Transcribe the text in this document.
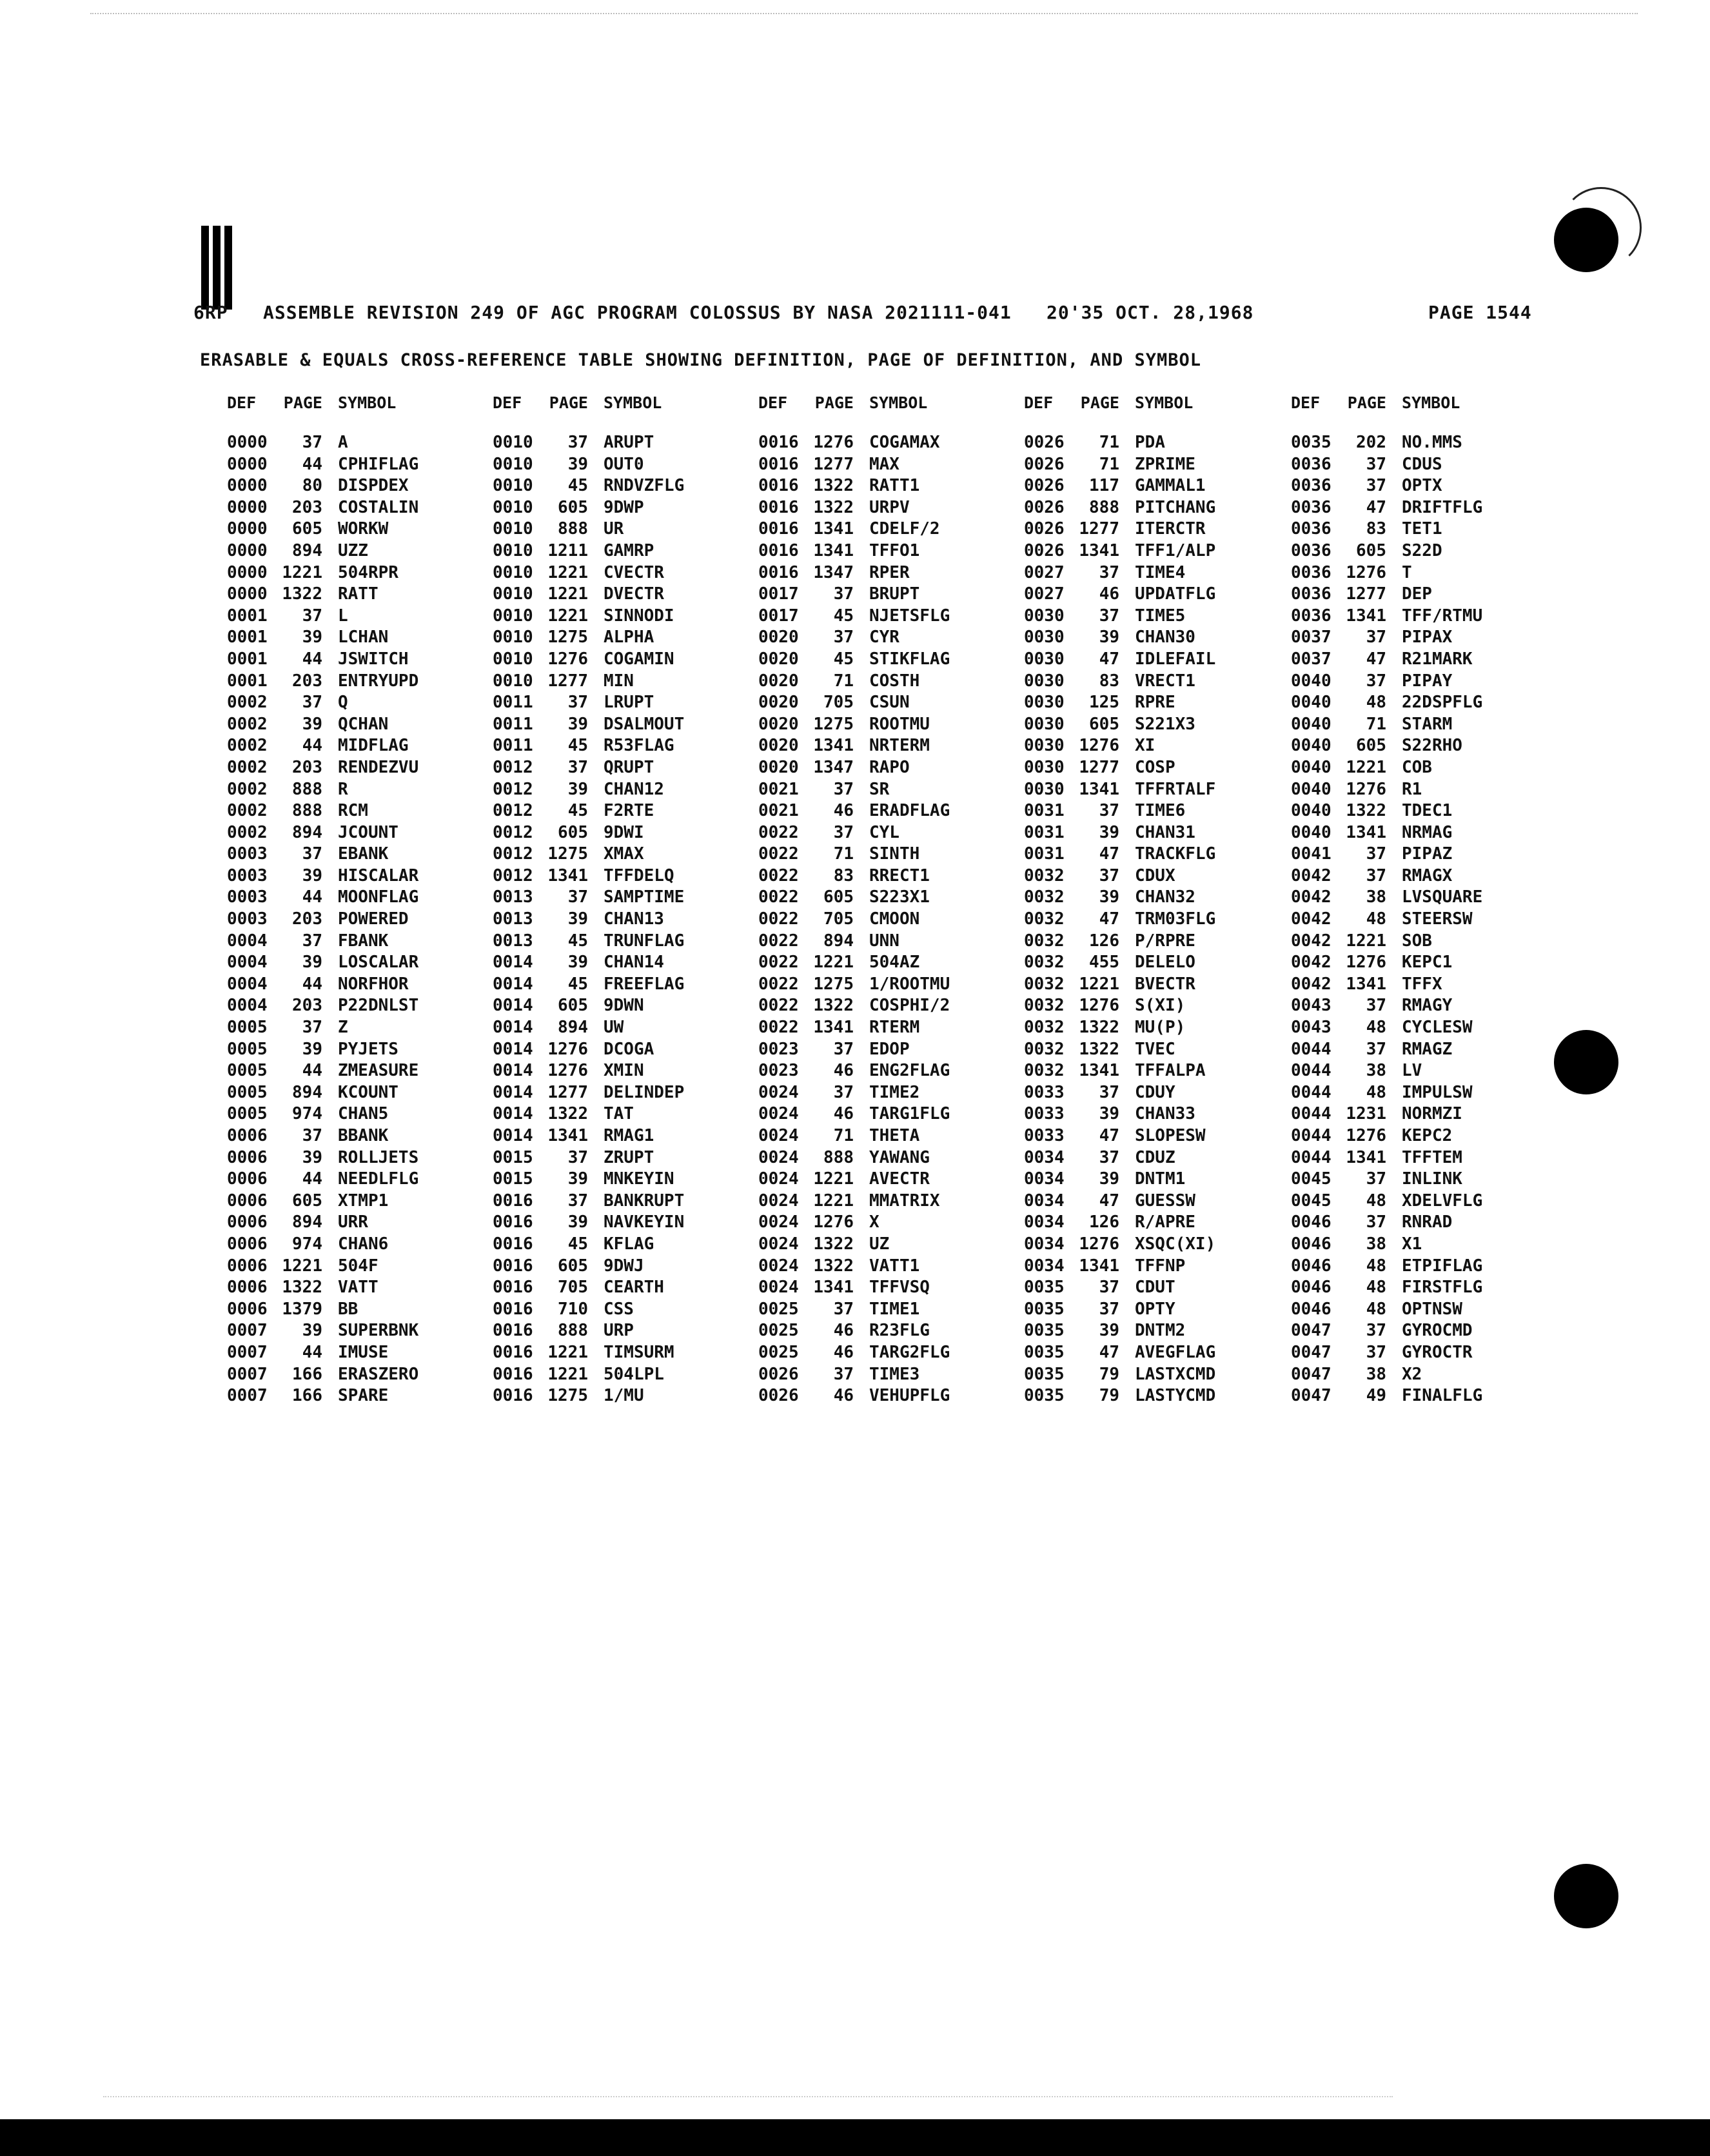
6RP ASSEMBLE REVISION 249 OF AGC PROGRAM COLOSSUS BY NASA 2021111-041 20'35 OCT. 28,1968	PAGE 1544
ERASABLE & EQUALS CROSS-REFERENCE TABLE SHOWING DEFINITION, PAGE OF DEFINITION, AND SYMBOL
DEF	PAGE SYMBOL
0000	37 A
0000	44 CPHIFLAG
0000	80 DISPDEX
0000	203 COSTALIN
0000	605 WORKW
0000	894 UZZ
0000 1221 504RPR
0000 1322 RATT
0001	37 L
0001	39 LCHAN
0001	44 JSWITCH
0001	203 ENTRYUPD
0002	37 Q
0002	39 QCHAN
0002	44 MIDFLAG
0002	203 RENDEZVU
0002	888 R
0002	888 RCM
0002	894 JCOUNT
0003	37 EBANK
0003	39 HISCALAR
0003	44 MOONFLAG
0003	203 POWERED
0004	37 FBANK
0004	39 LOSCALAR
0004	44 NORFHOR
0004	203 P22DNLST
0005	37 Z
0005	39 PYJETS
0005	44 ZMEASURE
0005	894 KCOUNT
0005	974 CHAN5
0006	37 BBANK
0006	39 ROLLJETS
0006	44 NEEDLFLG
0006	605 XTMP1
0006	894 URR
0006	974 CHAN6
0006 1221 504F
0006 1322 VATT
0006 1379 BB
0007	39 SUPERBNK
0007	44 IMUSE
0007	166 ERASZERO
0007	166 SPARE
DEF	PAGE SYMBOL
0010	37 ARUPT
0010	39 OUT0
0010	45 RNDVZFLG
0010	605 9DWP
0010	888 UR
0010 1211 GAMRP
0010 1221 CVECTR
0010 1221 DVECTR
0010 1221 SINNODI
0010 1275 ALPHA
0010 1276 COGAMIN
0010 1277 MIN
0011	37 LRUPT
0011	39 DSALMOUT
0011	45 R53FLAG
0012	37 QRUPT
0012	39 CHAN12
0012	45 F2RTE
0012	605 9DWI
0012 1275 XMAX
0012 1341 TFFDELQ
0013	37 SAMPTIME
0013	39 CHAN13
0013	45 TRUNFLAG
0014	39 CHAN14
0014	45 FREEFLAG
0014	605 9DWN
0014	894 UW
0014 1276 DCOGA
0014 1276 XMIN
0014 1277 DELINDEP
0014 1322 TAT
0014 1341 RMAG1
0015	37 ZRUPT
0015	39 MNKEYIN
0016	37 BANKRUPT
0016	39 NAVKEYIN
0016	45 KFLAG
0016	605 9DWJ
0016	705 CEARTH
0016	710 CSS
0016	888 URP
0016 1221 TIMSURM
0016 1221 504LPL
0016 1275 1/MU
DEF	PAGE SYMBOL
0016 1276 COGAMAX
0016 1277 MAX
0016 1322 RATT1
0016 1322 URPV
0016 1341 CDELF/2
0016 1341 TFFO1
0016 1347 RPER
0017	37 BRUPT
0017	45 NJETSFLG
0020	37 CYR
0020	45 STIKFLAG
0020	71 COSTH
0020	705 CSUN
0020 1275 ROOTMU
0020 1341 NRTERM
0020 1347 RAPO
0021	37 SR
0021	46 ERADFLAG
0022	37 CYL
0022	71 SINTH
0022	83 RRECT1
0022	605 S223X1
0022	705 CMOON
0022	894 UNN
0022 1221 504AZ
0022 1275 1/ROOTMU
0022 1322 COSPHI/2
0022 1341 RTERM
0023	37 EDOP
0023	46 ENG2FLAG
0024	37 TIME2
0024	46 TARG1FLG
0024	71 THETA
0024	888 YAWANG
0024 1221 AVECTR
0024 1221 MMATRIX
0024 1276 X
0024 1322 UZ
0024 1322 VATT1
0024 1341 TFFVSQ
0025	37 TIME1
0025	46 R23FLG
0025	46 TARG2FLG
0026	37 TIME3
0026	46 VEHUPFLG
DEF	PAGE SYMBOL
0026	71 PDA
0026	71 ZPRIME
0026	117 GAMMAL1
0026	888 PITCHANG
0026 1277 ITERCTR
0026 1341 TFF1/ALP
0027	37 TIME4
0027	46 UPDATFLG
0030	37 TIME5
0030	39 CHAN30
0030	47 IDLEFAIL
0030	83 VRECT1
0030	125 RPRE
0030	605 S221X3
0030 1276 XI
0030 1277 COSP
0030 1341 TFFRTALF
0031	37 TIME6
0031	39 CHAN31
0031	47 TRACKFLG
0032	37 CDUX
0032	39 CHAN32
0032	47 TRM03FLG
0032	126 P/RPRE
0032	455 DELELO
0032 1221 BVECTR
0032 1276 S(XI)
0032 1322 MU(P)
0032 1322 TVEC
0032 1341 TFFALPA
0033	37 CDUY
0033	39 CHAN33
0033	47 SLOPESW
0034	37 CDUZ
0034	39 DNTM1
0034	47 GUESSW
0034	126 R/APRE
0034 1276 XSQC(XI)
0034 1341 TFFNP
0035	37 CDUT
0035	37 OPTY
0035	39 DNTM2
0035	47 AVEGFLAG
0035	79 LASTXCMD
0035	79 LASTYCMD
DEF	PAGE SYMBOL
0035	202 NO.MMS
0036	37 CDUS
0036	37 OPTX
0036	47 DRIFTFLG
0036	83 TET1
0036	605 S22D
0036 1276 T
0036 1277 DEP
0036 1341 TFF/RTMU
0037	37 PIPAX
0037	47 R21MARK
0040	37 PIPAY
0040	48 22DSPFLG
0040	71 STARM
0040	605 S22RHO
0040 1221 COB
0040 1276 R1
0040 1322 TDEC1
0040 1341 NRMAG
0041	37 PIPAZ
0042	37 RMAGX
0042	38 LVSQUARE
0042	48 STEERSW
0042 1221 SOB
0042 1276 KEPC1
0042 1341 TFFX
0043	37 RMAGY
0043	48 CYCLESW
0044	37 RMAGZ
0044	38 LV
0044	48 IMPULSW
0044 1231 NORMZI
0044 1276 KEPC2
0044 1341 TFFTEM
0045	37 INLINK
0045	48 XDELVFLG
0046	37 RNRAD
0046	38 X1
0046	48 ETPIFLAG
0046	48 FIRSTFLG
0046	48 OPTNSW
0047	37 GYROCMD
0047	37 GYROCTR
0047	38 X2
0047	49 FINALFLG
